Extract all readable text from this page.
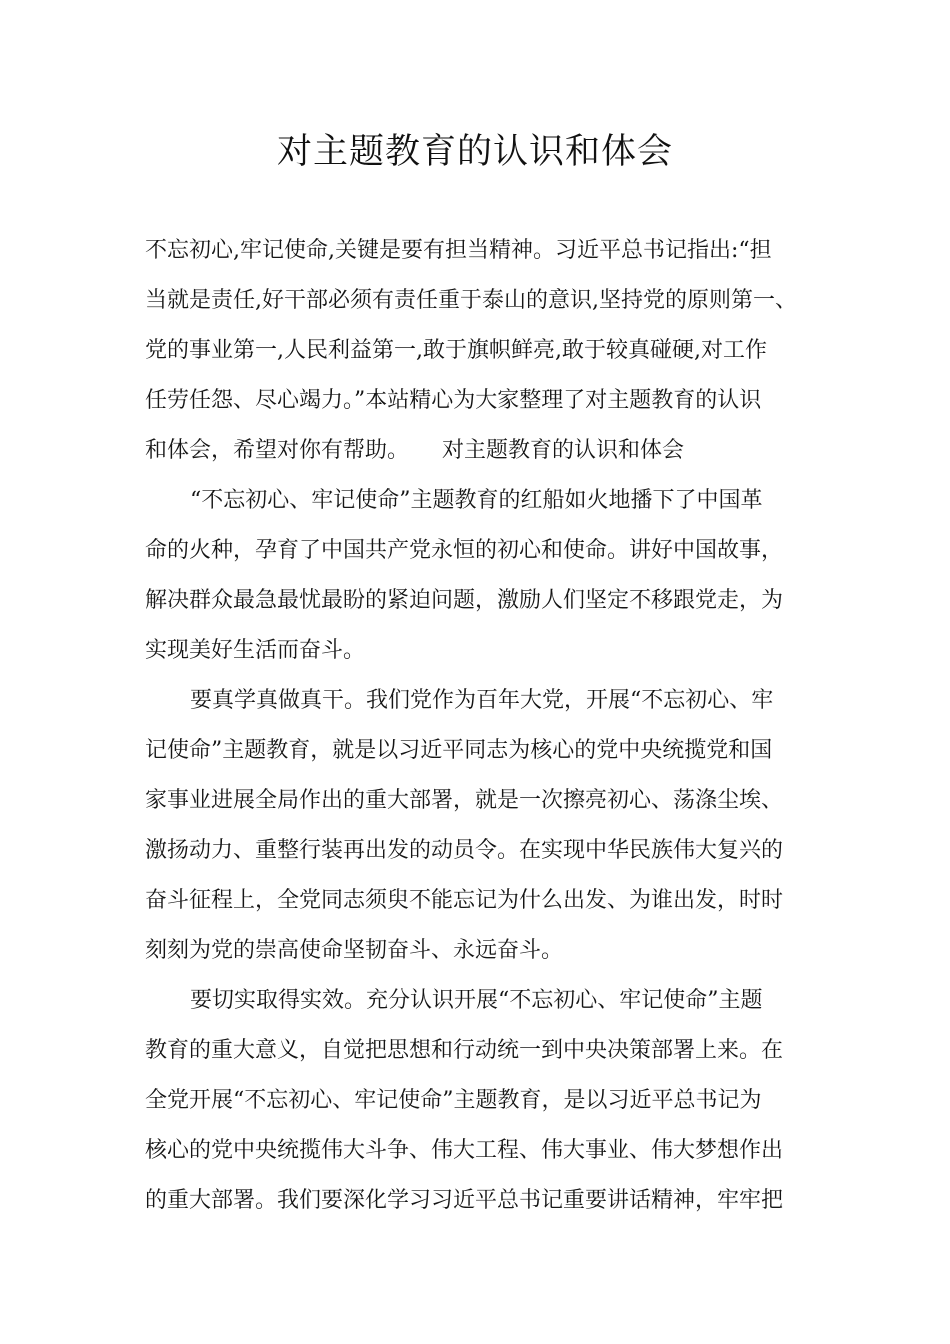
对主题教育的认识和体会
不忘初心,牢记使命,关键是要有担当精神。习近平总书记指出:“担
当就是责任,好干部必须有责任重于泰山的意识,坚持党的原则第一、
党的事业第一,人民利益第一,敢于旗帜鲜亮,敢于较真碰硬,对工作
任劳任怨、尽心竭力。”本站精心为大家整理了对主题教育的认识
和体会，希望对你有帮助。　　对主题教育的认识和体会
　“不忘初心、牢记使命”主题教育的红船如火地播下了中国革
命的火种，孕育了中国共产党永恒的初心和使命。讲好中国故事，
解决群众最急最忧最盼的紧迫问题，激励人们坚定不移跟党走，为
实现美好生活而奋斗。
　要真学真做真干。我们党作为百年大党，开展“不忘初心、牢
记使命”主题教育，就是以习近平同志为核心的党中央统揽党和国
家事业进展全局作出的重大部署，就是一次擦亮初心、荡涤尘埃、
激扬动力、重整行装再出发的动员令。在实现中华民族伟大复兴的
奋斗征程上，全党同志须臾不能忘记为什么出发、为谁出发，时时
刻刻为党的崇高使命坚韧奋斗、永远奋斗。
　要切实取得实效。充分认识开展“不忘初心、牢记使命”主题
教育的重大意义，自觉把思想和行动统一到中央决策部署上来。在
全党开展“不忘初心、牢记使命”主题教育，是以习近平总书记为
核心的党中央统揽伟大斗争、伟大工程、伟大事业、伟大梦想作出
的重大部署。我们要深化学习习近平总书记重要讲话精神，牢牢把
